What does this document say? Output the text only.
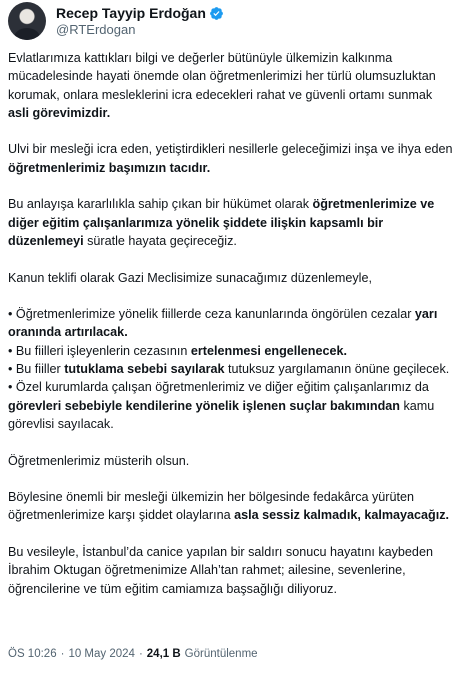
Recep Tayyip Erdoğan
@RTErdogan

Evlatlarımıza kattıkları bilgi ve değerler bütünüyle ülkemizin kalkınma mücadelesinde hayati önemde olan öğretmenlerimizi her türlü olumsuzluktan korumak, onlara mesleklerini icra edecekleri rahat ve güvenli ortamı sunmak asli görevimizdir.

Ulvi bir mesleği icra eden, yetiştirdikleri nesillerle geleceğimizi inşa ve ihya eden öğretmenlerimiz başımızın tacıdır.

Bu anlayışa kararlılıkla sahip çıkan bir hükümet olarak öğretmenlerimize ve diğer eğitim çalışanlarımıza yönelik şiddete ilişkin kapsamlı bir düzenlemeyi süratle hayata geçireceğiz.

Kanun teklifi olarak Gazi Meclisimize sunacağımız düzenlemeyle,

• Öğretmenlerimize yönelik fiillerde ceza kanunlarında öngörülen cezalar yarı oranında artırılacak.

• Bu fiilleri işleyenlerin cezasının ertelenmesi engellenecek.

• Bu fiiller tutuklama sebebi sayılarak tutuksuz yargılamanın önüne geçilecek.

• Özel kurumlarda çalışan öğretmenlerimiz ve diğer eğitim çalışanlarımız da görevleri sebebiyle kendilerine yönelik işlenen suçlar bakımından kamu görevlisi sayılacak.

Öğretmenlerimiz müsterih olsun.

Böylesine önemli bir mesleği ülkemizin her bölgesinde fedakârca yürüten öğretmenlerimize karşı şiddet olaylarına asla sessiz kalmadık, kalmayacağız.

Bu vesileyle, İstanbul’da canice yapılan bir saldırı sonucu hayatını kaybeden İbrahim Oktugan öğretmenimize Allah’tan rahmet; ailesine, sevenlerine, öğrencilerine ve tüm eğitim camiamıza başsağlığı diliyoruz.

ÖS 10:26 · 10 May 2024 · 24,1 B Görüntülenme
